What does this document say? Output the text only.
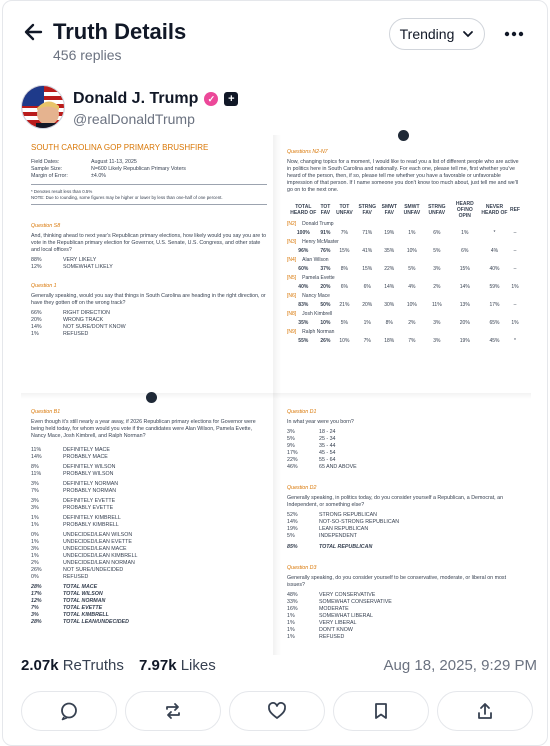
Truth Details
456 replies
Trending
Donald J. Trump	✓	+
@realDonaldTrump
SOUTH CAROLINA GOP PRIMARY BRUSHFIRE
Field Dates:	August 11-13, 2025
Sample Size:	N=600 Likely Republican Primary Voters
Margin of Error:	±4.0%
* Denotes result less than 0.5%
NOTE: Due to rounding, some figures may be higher or lower by less than one-half of one percent.
Question S8
And, thinking ahead to next year's Republican primary elections, how likely would you say you are to vote in the Republican primary election for Governor, U.S. Senate, U.S. Congress, and other state and local offices?
88%	VERY LIKELY
12%	SOMEWHAT LIKELY
Question 1
Generally speaking, would you say that things in South Carolina are heading in the right direction, or have they gotten off on the wrong track?
66%	RIGHT DIRECTION
20%	WRONG TRACK
14%	NOT SURE/DON'T KNOW
1%	REFUSED
Questions N2-N7
Now, changing topics for a moment, I would like to read you a list of different people who are active in politics here in South Carolina and nationally. For each one, please tell me, first whether you've heard of the person, then, if so, please tell me whether you have a favorable or unfavorable impression of that person. If I name someone you don't know too much about, just tell me and we'll go on to the next one.
	TOTAL HEARD OF	TOT FAV	TOT UNFAV	STRNG FAV	SMWT FAV	SMWT UNFAV	STRNG UNFAV	HEARD OF/NO OPIN	NEVER HEARD OF	REF
[N2] Donald Trump										
	100%	91%	7%	71%	19%	1%	6%	1%	*	–
[N3] Henry McMaster										
	96%	76%	15%	41%	35%	10%	5%	6%	4%	–
[N4] Alan Wilson										
	60%	37%	8%	15%	22%	5%	3%	15%	40%	–
[N5] Pamela Evette										
	40%	20%	6%	6%	14%	4%	2%	14%	59%	1%
[N6] Nancy Mace										
	83%	50%	21%	20%	30%	10%	11%	13%	17%	–
[N8] Josh Kimbrell										
	35%	10%	5%	1%	8%	2%	3%	20%	65%	1%
[N9] Ralph Norman										
	55%	26%	10%	7%	18%	7%	3%	19%	45%	*
Question B1
Even though it's still nearly a year away, if 2026 Republican primary elections for Governor were being held today, for whom would you vote if the candidates were Alan Wilson, Pamela Evette, Nancy Mace, Josh Kimbrell, and Ralph Norman?
11%	DEFINITELY MACE
14%	PROBABLY MACE
8%	DEFINITELY WILSON
11%	PROBABLY WILSON
3%	DEFINITELY NORMAN
7%	PROBABLY NORMAN
3%	DEFINITELY EVETTE
3%	PROBABLY EVETTE
1%	DEFINITELY KIMBRELL
1%	PROBABLY KIMBRELL
0%	UNDECIDED/LEAN WILSON
1%	UNDECIDED/LEAN EVETTE
3%	UNDECIDED/LEAN MACE
1%	UNDECIDED/LEAN KIMBRELL
2%	UNDECIDED/LEAN NORMAN
26%	NOT SURE/UNDECIDED
0%	REFUSED
28%	TOTAL MACE
17%	TOTAL WILSON
12%	TOTAL NORMAN
7%	TOTAL EVETTE
3%	TOTAL KIMBRELL
28%	TOTAL LEAN/UNDECIDED
Question D1
In what year were you born?
3%	18 - 24
5%	25 - 34
9%	35 - 44
17%	45 - 54
22%	55 - 64
46%	65 AND ABOVE
Question D2
Generally speaking, in politics today, do you consider yourself a Republican, a Democrat, an Independent, or something else?
52%	STRONG REPUBLICAN
14%	NOT-SO-STRONG REPUBLICAN
19%	LEAN REPUBLICAN
5%	INDEPENDENT
85%	TOTAL REPUBLICAN
Question D3
Generally speaking, do you consider yourself to be conservative, moderate, or liberal on most issues?
48%	VERY CONSERVATIVE
33%	SOMEWHAT CONSERVATIVE
16%	MODERATE
1%	SOMEWHAT LIBERAL
1%	VERY LIBERAL
1%	DON'T KNOW
1%	REFUSED
2.07k ReTruths 7.97k Likes	Aug 18, 2025, 9:29 PM
